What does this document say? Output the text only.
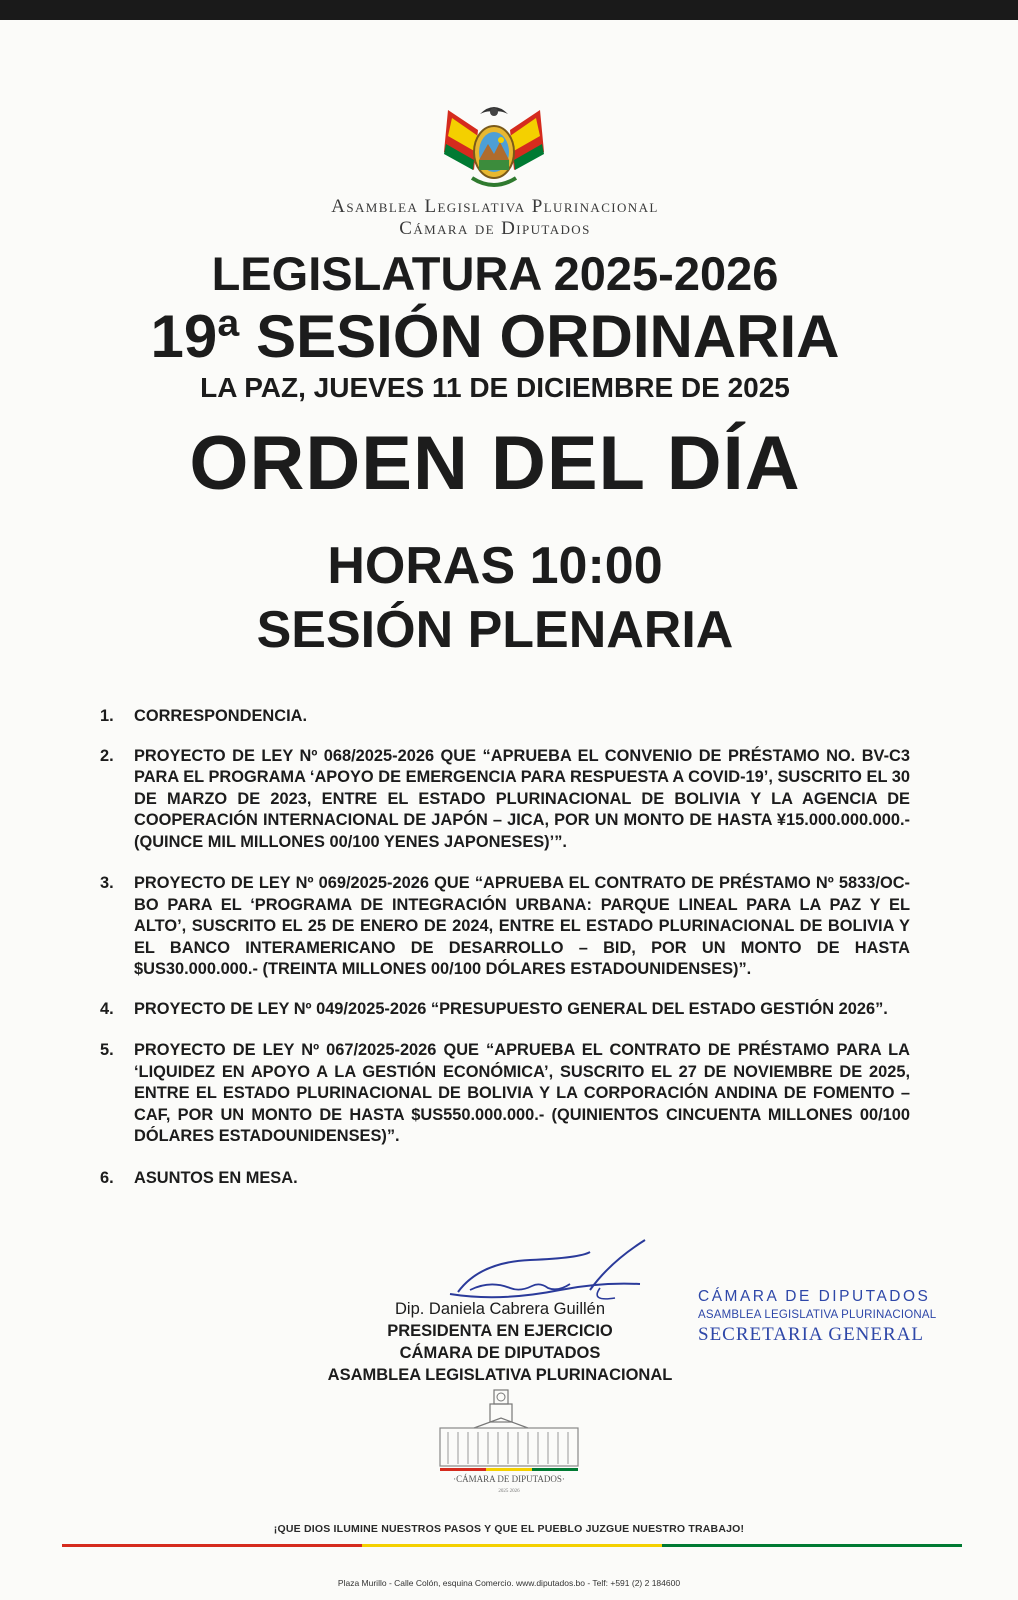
Asamblea Legislativa Plurinacional
Cámara de Diputados
LEGISLATURA 2025-2026
19ª SESIÓN ORDINARIA
LA PAZ, JUEVES 11 DE DICIEMBRE DE 2025
ORDEN DEL DÍA
HORAS 10:00
SESIÓN PLENARIA
1. CORRESPONDENCIA.
2. PROYECTO DE LEY Nº 068/2025-2026 QUE “APRUEBA EL CONVENIO DE PRÉSTAMO NO. BV-C3 PARA EL PROGRAMA ‘APOYO DE EMERGENCIA PARA RESPUESTA A COVID-19’, SUSCRITO EL 30 DE MARZO DE 2023, ENTRE EL ESTADO PLURINACIONAL DE BOLIVIA Y LA AGENCIA DE COOPERACIÓN INTERNACIONAL DE JAPÓN – JICA, POR UN MONTO DE HASTA ¥15.000.000.000.- (QUINCE MIL MILLONES 00/100 YENES JAPONESES)’”.
3. PROYECTO DE LEY Nº 069/2025-2026 QUE “APRUEBA EL CONTRATO DE PRÉSTAMO Nº 5833/OC-BO PARA EL ‘PROGRAMA DE INTEGRACIÓN URBANA: PARQUE LINEAL PARA LA PAZ Y EL ALTO’, SUSCRITO EL 25 DE ENERO DE 2024, ENTRE EL ESTADO PLURINACIONAL DE BOLIVIA Y EL BANCO INTERAMERICANO DE DESARROLLO – BID, POR UN MONTO DE HASTA $US30.000.000.- (TREINTA MILLONES 00/100 DÓLARES ESTADOUNIDENSES)”.
4. PROYECTO DE LEY Nº 049/2025-2026 “PRESUPUESTO GENERAL DEL ESTADO GESTIÓN 2026”.
5. PROYECTO DE LEY Nº 067/2025-2026 QUE “APRUEBA EL CONTRATO DE PRÉSTAMO PARA LA ‘LIQUIDEZ EN APOYO A LA GESTIÓN ECONÓMICA’, SUSCRITO EL 27 DE NOVIEMBRE DE 2025, ENTRE EL ESTADO PLURINACIONAL DE BOLIVIA Y LA CORPORACIÓN ANDINA DE FOMENTO – CAF, POR UN MONTO DE HASTA $US550.000.000.- (QUINIENTOS CINCUENTA MILLONES 00/100 DÓLARES ESTADOUNIDENSES)”.
6. ASUNTOS EN MESA.
Dip. Daniela Cabrera Guillén
PRESIDENTA EN EJERCICIO
CÁMARA DE DIPUTADOS
ASAMBLEA LEGISLATIVA PLURINACIONAL
CÁMARA DE DIPUTADOS
ASAMBLEA LEGISLATIVA PLURINACIONAL
SECRETARIA GENERAL
·CÁMARA DE DIPUTADOS·
2025 2026
¡QUE DIOS ILUMINE NUESTROS PASOS Y QUE EL PUEBLO JUZGUE NUESTRO TRABAJO!
Plaza Murillo - Calle Colón, esquina Comercio. www.diputados.bo - Telf: +591 (2) 2 184600
